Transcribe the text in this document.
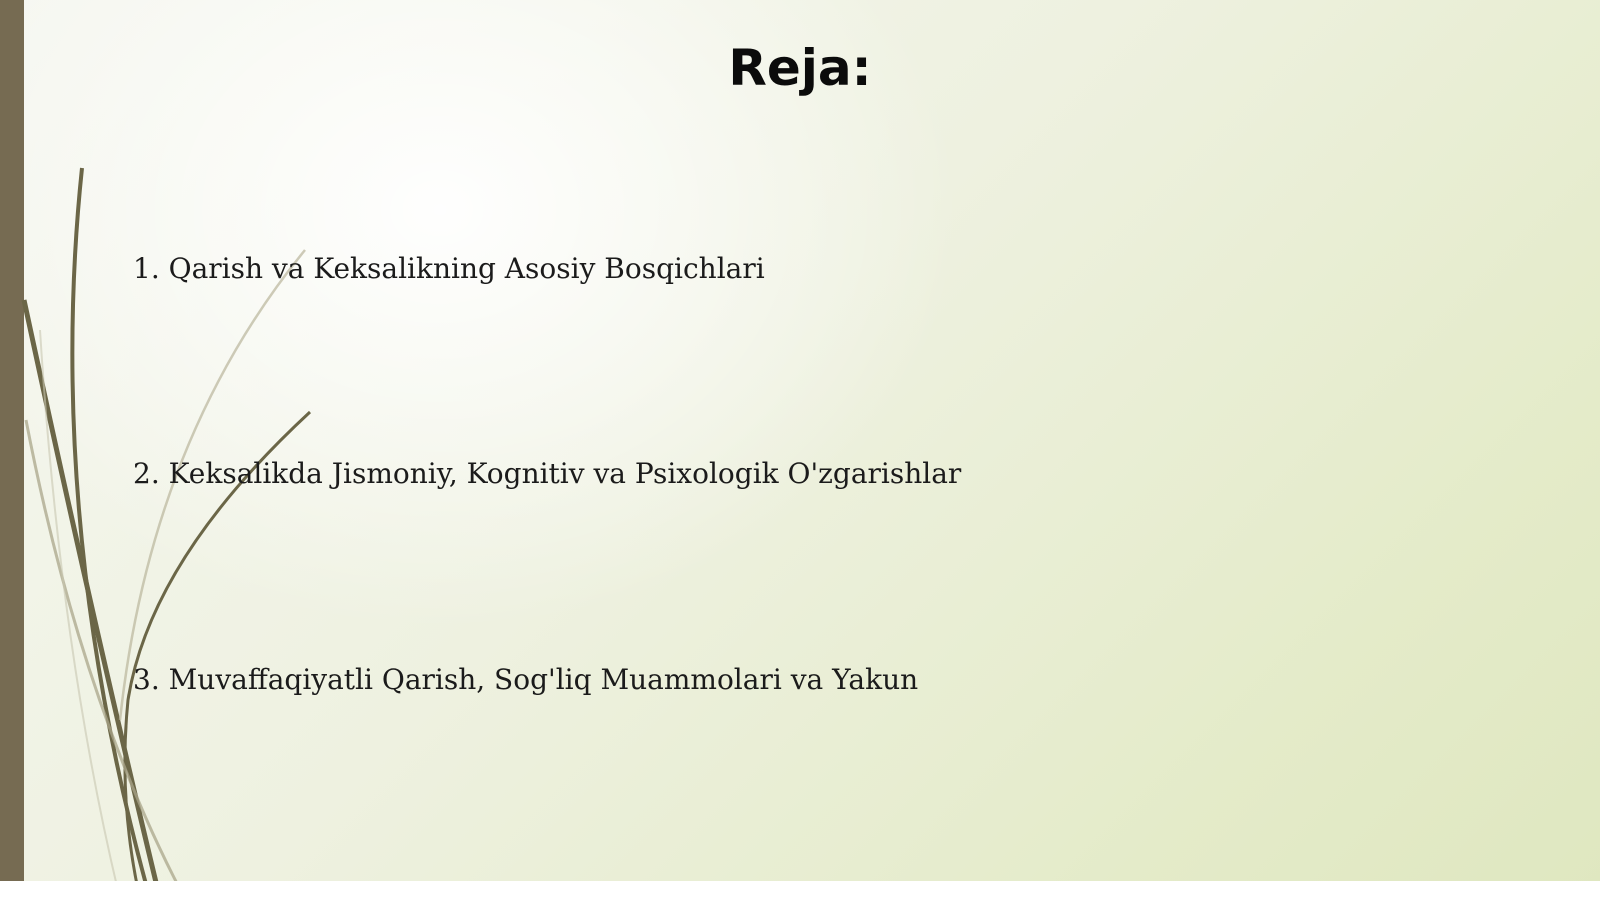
Reja:
1. Qarish va Keksalikning Asosiy Bosqichlari
2. Keksalikda Jismoniy, Kognitiv va Psixologik O'zgarishlar
3. Muvaffaqiyatli Qarish, Sog'liq Muammolari va Yakun
